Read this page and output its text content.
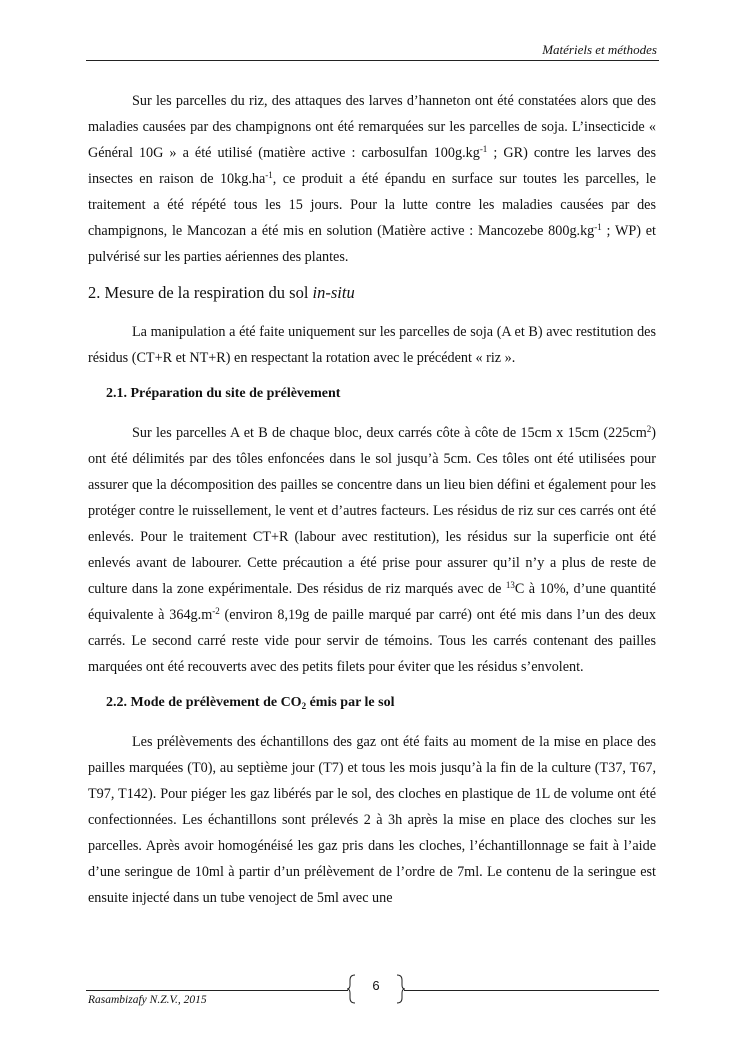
Matériels et méthodes

Sur les parcelles du riz, des attaques des larves d’hanneton ont été constatées alors que des maladies causées par des champignons ont été remarquées sur les parcelles de soja. L’insecticide « Général 10G » a été utilisé (matière active : carbosulfan $100g.kg^{-1}$ ; GR) contre les larves des insectes en raison de $10kg.ha^{-1}$, ce produit a été épandu en surface sur toutes les parcelles, le traitement a été répété tous les 15 jours. Pour la lutte contre les maladies causées par des champignons, le Mancozan a été mis en solution (Matière active : Mancozebe $800g.kg^{-1}$ ; WP) et pulvérisé sur les parties aériennes des plantes.

2. Mesure de la respiration du sol in-situ

La manipulation a été faite uniquement sur les parcelles de soja (A et B) avec restitution des résidus (CT+R et NT+R) en respectant la rotation avec le précédent « riz ».

2.1. Préparation du site de prélèvement

Sur les parcelles A et B de chaque bloc, deux carrés côte à côte de 15cm x 15cm $(225cm^2)$ ont été délimités par des tôles enfoncées dans le sol jusqu’à 5cm. Ces tôles ont été utilisées pour assurer que la décomposition des pailles se concentre dans un lieu bien défini et également pour les protéger contre le ruissellement, le vent et d’autres facteurs. Les résidus de riz sur ces carrés ont été enlevés. Pour le traitement CT+R (labour avec restitution), les résidus sur la superficie ont été enlevés avant de labourer. Cette précaution a été prise pour assurer qu’il n’y a plus de reste de culture dans la zone expérimentale. Des résidus de riz marqués avec de $^{13}$C à 10%, d’une quantité équivalente à $364g.m^{-2}$ (environ 8,19g de paille marqué par carré) ont été mis dans l’un des deux carrés. Le second carré reste vide pour servir de témoins. Tous les carrés contenant des pailles marquées ont été recouverts avec des petits filets pour éviter que les résidus s’envolent.

2.2. Mode de prélèvement de $CO_2$ émis par le sol

Les prélèvements des échantillons des gaz ont été faits au moment de la mise en place des pailles marquées (T0), au septième jour (T7) et tous les mois jusqu’à la fin de la culture (T37, T67, T97, T142). Pour piéger les gaz libérés par le sol, des cloches en plastique de 1L de volume ont été confectionnées. Les échantillons sont prélevés 2 à 3h après la mise en place des cloches sur les parcelles. Après avoir homogénéisé les gaz pris dans les cloches, l’échantillonnage se fait à l’aide d’une seringue de 10ml à partir d’un prélèvement de l’ordre de 7ml. Le contenu de la seringue est ensuite injecté dans un tube venoject de 5ml avec une

6
Rasambizafy N.Z.V., 2015
